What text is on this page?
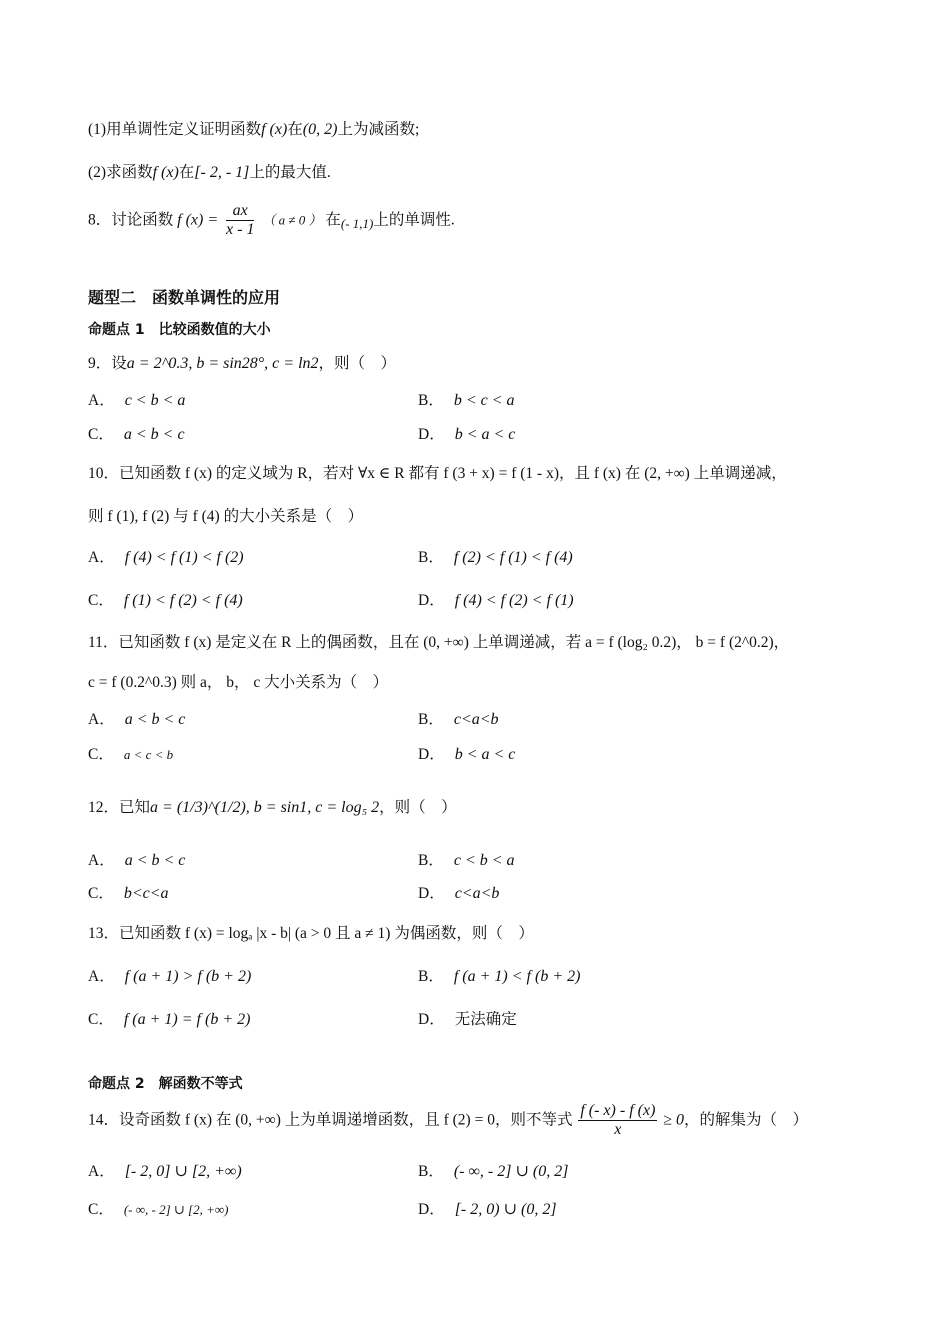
(1)用单调性定义证明函数f (x)在(0, 2)上为减函数;
(2)求函数f (x)在[- 2, - 1]上的最大值.
8．讨论函数 f $(x) = \frac{ax}{x - 1}$ （ a ≠ 0 ） 在$_{(- 1,1)}$上的单调性.
题型二　函数单调性的应用
命题点 1　比较函数值的大小
9．设a = 2^0.3, b = sin28°, c = ln2，则（　）
A． c < b < a	B． b < c < a
C． a < b < c	D． b < a < c
10．已知函数 f (x) 的定义域为 R，若对 ∀x ∈ R 都有 f (3 + x) = f (1 - x)，且 f (x) 在 (2, +∞) 上单调递减，
则 f (1), f (2) 与 f (4) 的大小关系是（　）
A． f (4) < f (1) < f (2)	B． f (2) < f (1) < f (4)
C． f (1) < f (2) < f (4)	D． f (4) < f (2) < f (1)
11．已知函数 f (x) 是定义在 R 上的偶函数，且在 (0, +∞) 上单调递减，若 a = f (log₂ 0.2)， b = f (2^0.2)，
c = f (0.2^0.3) 则 a， b， c 大小关系为（　）
A． a < b < c	B． c<a<b
C． a < c < b	D． b < a < c
12．已知a = (1/3)^(1/2), b = sin1, c = log₅ 2，则（　）
A． a < b < c	B． c < b < a
C． b<c<a	D． c<a<b
13．已知函数 f (x) = logₐ |x - b| (a > 0 且 a ≠ 1) 为偶函数，则（　）
A． f (a + 1) > f (b + 2)	B． f (a + 1) < f (b + 2)
C． f (a + 1) = f (b + 2)	D． 无法确定
命题点 2　解函数不等式
14．设奇函数 f (x) 在 (0, +∞) 上为单调递增函数，且 f (2) = 0，则不等式 $\frac{f (- x) - f (x)}{x} \ge 0$，的解集为（　）
A． [- 2, 0] ∪ [2, +∞)	B． (- ∞, - 2] ∪ (0, 2]
C． (- ∞, - 2] ∪ [2, +∞)	D． [- 2, 0) ∪ (0, 2]
